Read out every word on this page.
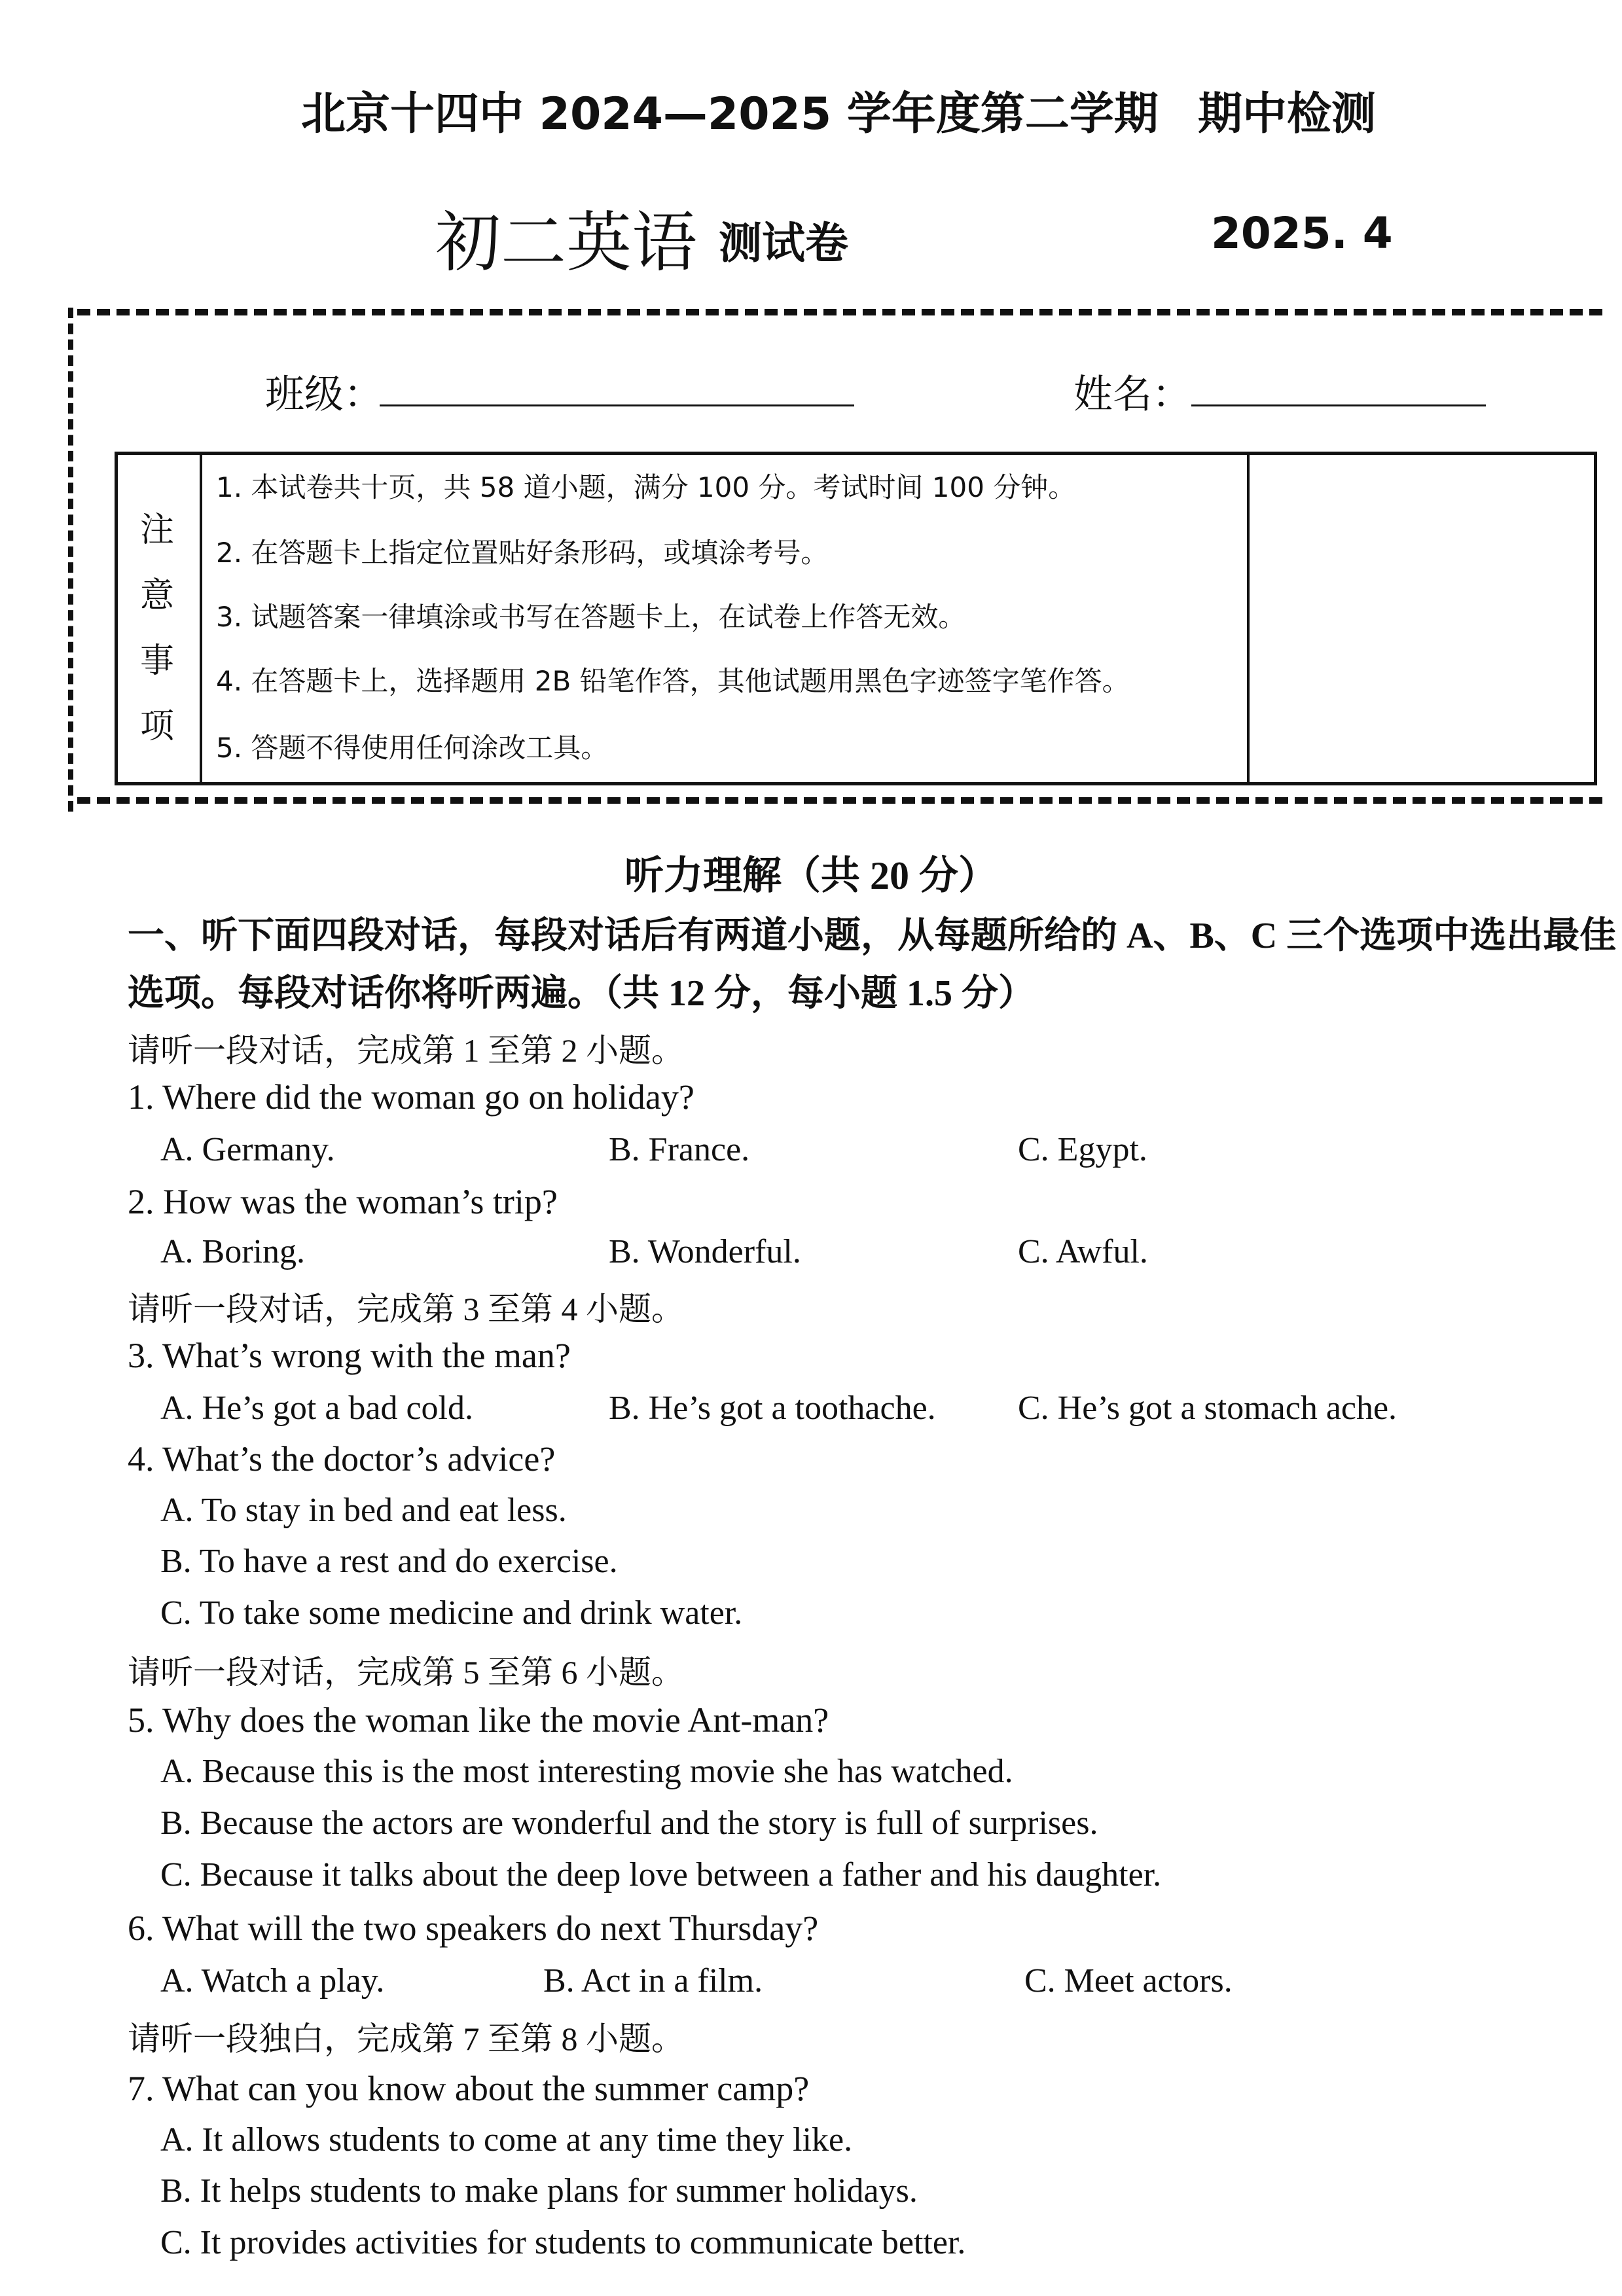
北京十四中 2024—2025 学年度第二学期 期中检测
初二英语 测试卷	2025. 4
班级：	姓名：
注
意
事
项
1. 本试卷共十页，共 58 道小题，满分 100 分。考试时间 100 分钟。
2. 在答题卡上指定位置贴好条形码，或填涂考号。
3. 试题答案一律填涂或书写在答题卡上，在试卷上作答无效。
4. 在答题卡上，选择题用 2B 铅笔作答，其他试题用黑色字迹签字笔作答。
5. 答题不得使用任何涂改工具。
听力理解（共 20 分）
一、听下面四段对话，每段对话后有两道小题，从每题所给的 A、B、C 三个选项中选出最佳
选项。每段对话你将听两遍。（共 12 分，每小题 1.5 分）
请听一段对话，完成第 1 至第 2 小题。
1. Where did the woman go on holiday?
A. Germany.	B. France.	C. Egypt.
2. How was the woman’s trip?
A. Boring.	B. Wonderful.	C. Awful.
请听一段对话，完成第 3 至第 4 小题。
3. What’s wrong with the man?
A. He’s got a bad cold.	B. He’s got a toothache. C. He’s got a stomach ache.
4. What’s the doctor’s advice?
A. To stay in bed and eat less.
B. To have a rest and do exercise.
C. To take some medicine and drink water.
请听一段对话，完成第 5 至第 6 小题。
5. Why does the woman like the movie Ant-man?
A. Because this is the most interesting movie she has watched.
B. Because the actors are wonderful and the story is full of surprises.
C. Because it talks about the deep love between a father and his daughter.
6. What will the two speakers do next Thursday?
A. Watch a play.	B. Act in a film.	C. Meet actors.
请听一段独白，完成第 7 至第 8 小题。
7. What can you know about the summer camp?
A. It allows students to come at any time they like.
B. It helps students to make plans for summer holidays.
C. It provides activities for students to communicate better.
